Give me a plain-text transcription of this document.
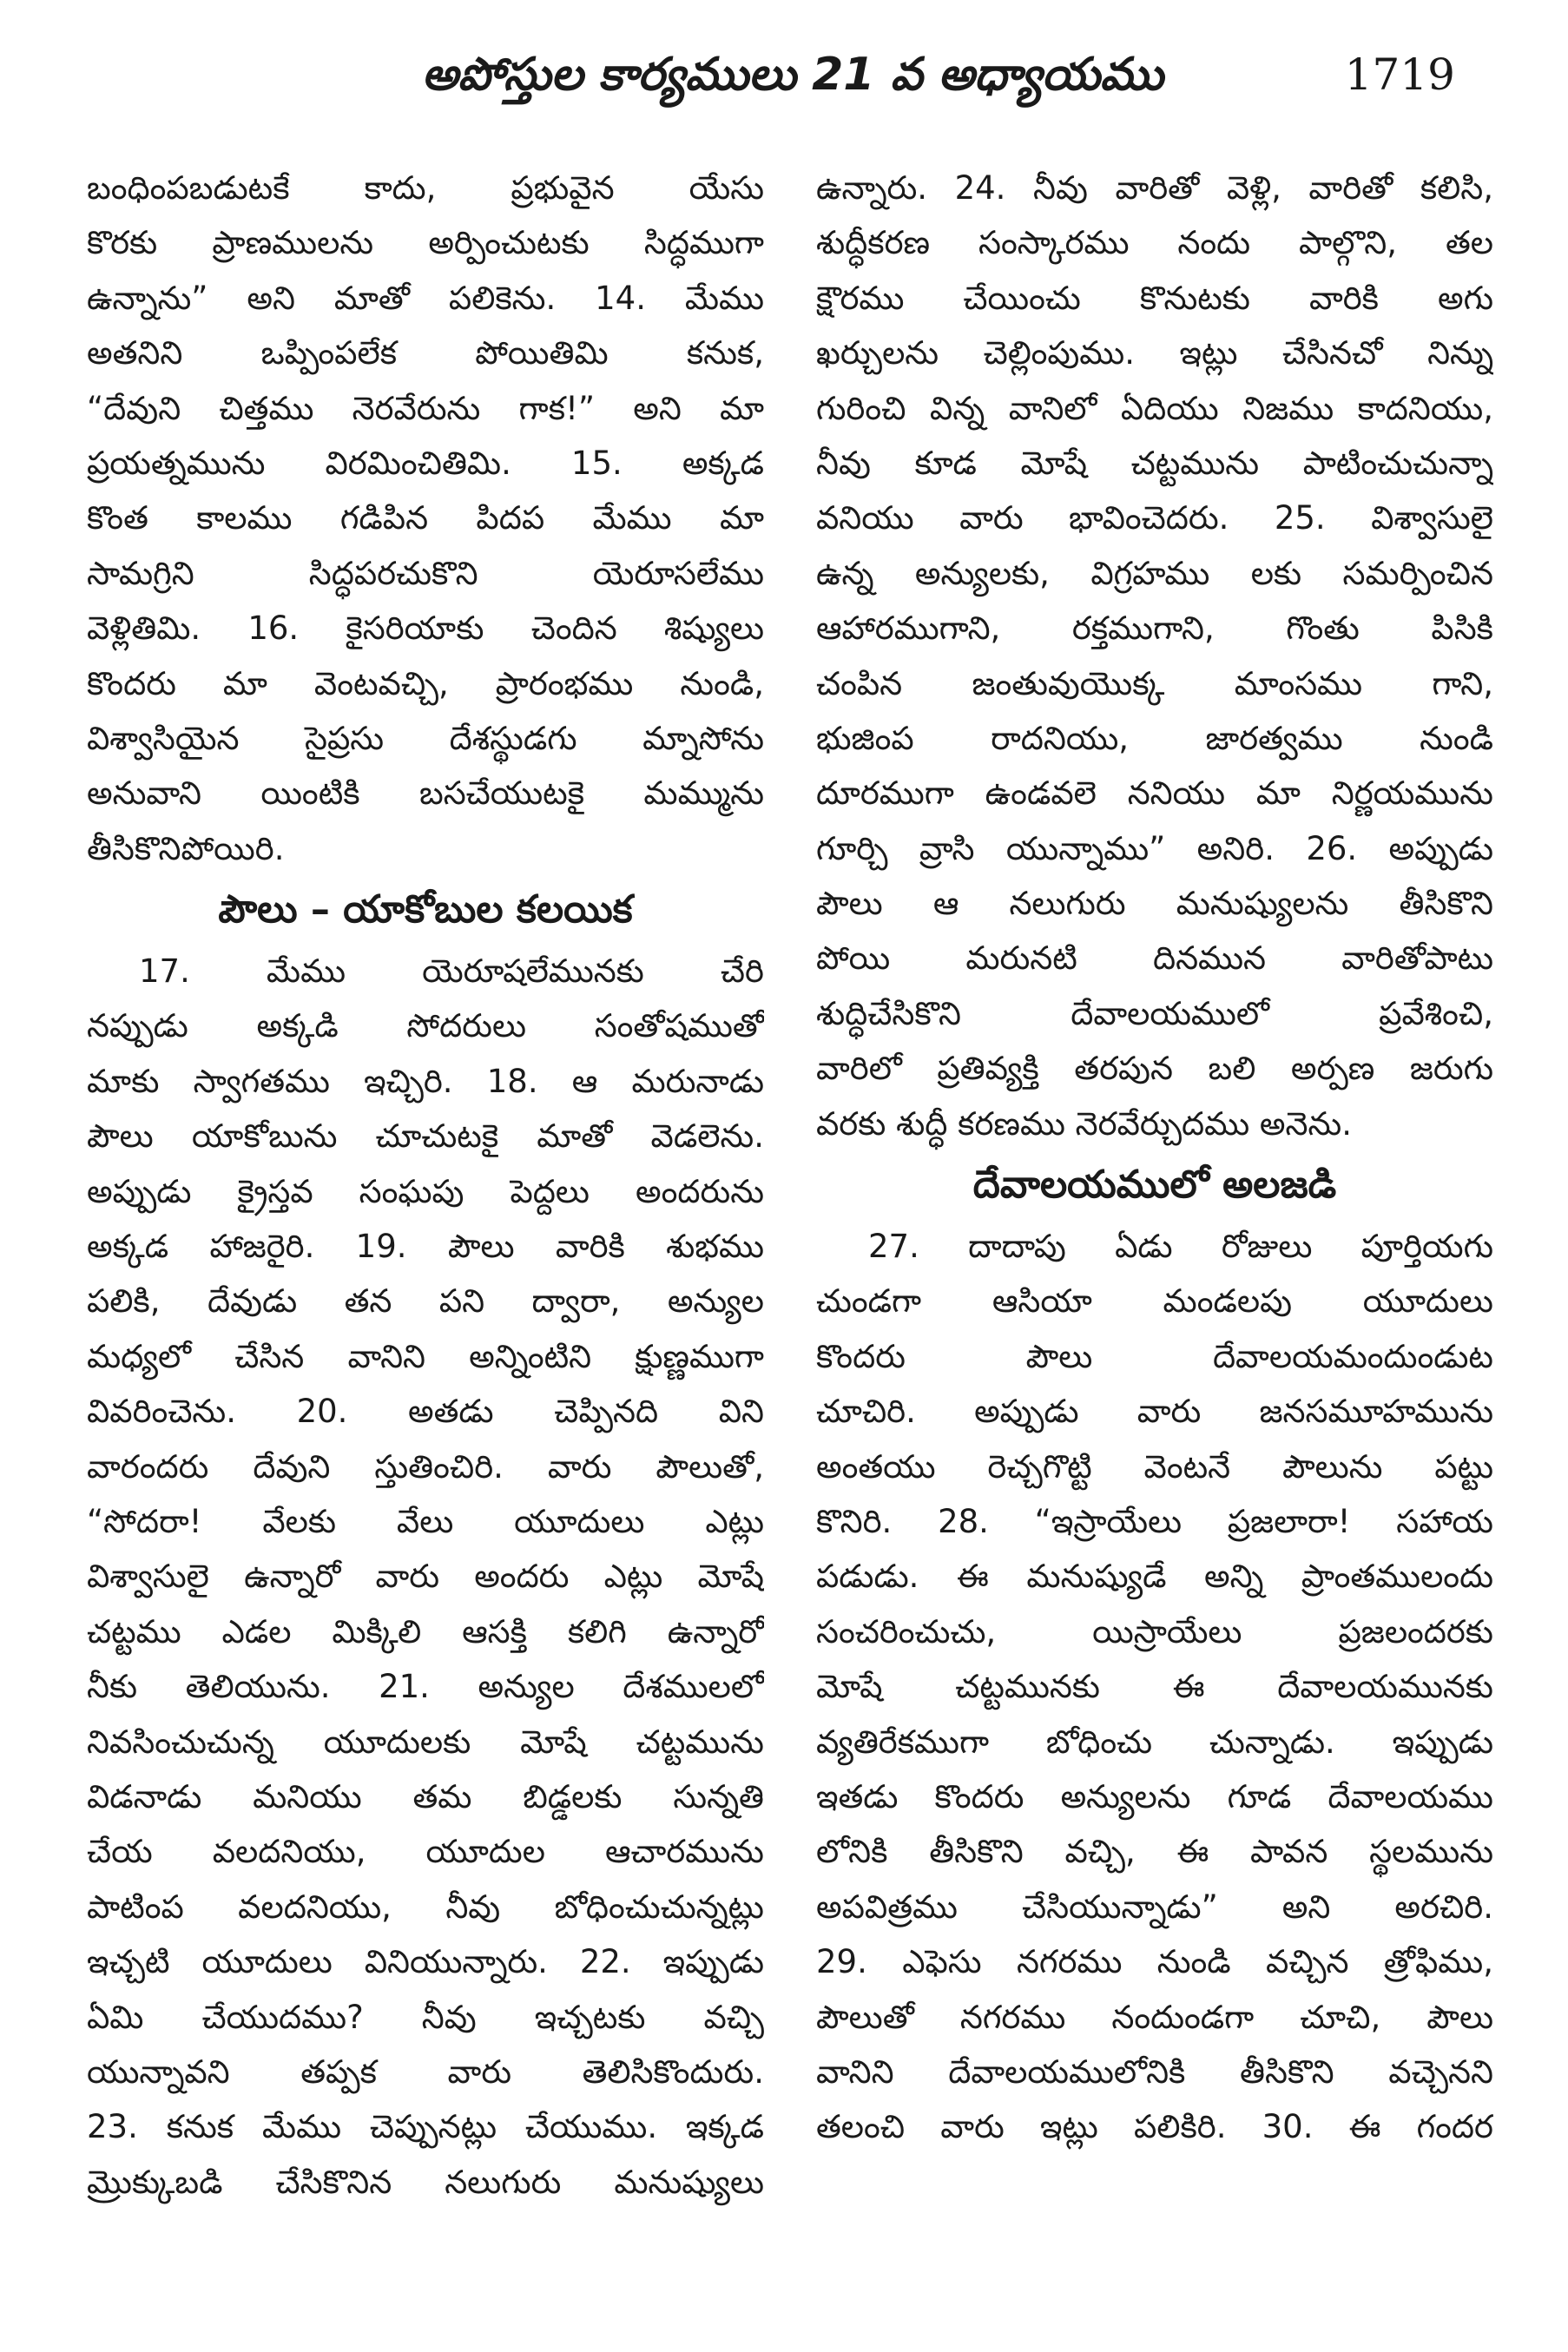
అపోస్తుల కార్యములు 21 వ అధ్యాయము	1719
బంధింపబడుటకే కాదు, ప్రభువైన యేసు
కొరకు ప్రాణములను అర్పించుటకు సిద్ధముగా
ఉన్నాను” అని మాతో పలికెను. 14. మేము
అతనిని ఒప్పింపలేక పోయితిమి కనుక,
“దేవుని చిత్తము నెరవేరును గాక!” అని మా
ప్రయత్నమును విరమించితిమి. 15. అక్కడ
కొంత కాలము గడిపిన పిదప మేము మా
సామగ్రిని సిద్ధపరచుకొని యెరూసలేము
వెళ్లితిమి. 16. కైసరియాకు చెందిన శిష్యులు
కొందరు మా వెంటవచ్చి, ప్రారంభము నుండి,
విశ్వాసియైన సైప్రసు దేశస్థుడగు మ్నాసోను
అనువాని యింటికి బసచేయుటకై మమ్మును
తీసికొనిపోయిరి.
పౌలు – యాకోబుల కలయిక
17. మేము యెరూషలేమునకు చేరి
నప్పుడు అక్కడి సోదరులు సంతోషముతో
మాకు స్వాగతము ఇచ్చిరి. 18. ఆ మరునాడు
పౌలు యాకోబును చూచుటకై మాతో వెడలెను.
అప్పుడు క్రైస్తవ సంఘపు పెద్దలు అందరును
అక్కడ హాజరైరి. 19. పౌలు వారికి శుభము
పలికి, దేవుడు తన పని ద్వారా, అన్యుల
మధ్యలో చేసిన వానిని అన్నింటిని క్షుణ్ణముగా
వివరించెను. 20. అతడు చెప్పినది విని
వారందరు దేవుని స్తుతించిరి. వారు పౌలుతో,
“సోదరా! వేలకు వేలు యూదులు ఎట్లు
విశ్వాసులై ఉన్నారో వారు అందరు ఎట్లు మోషే
చట్టము ఎడల మిక్కిలి ఆసక్తి కలిగి ఉన్నారో
నీకు తెలియును. 21. అన్యుల దేశములలో
నివసించుచున్న యూదులకు మోషే చట్టమును
విడనాడు మనియు తమ బిడ్డలకు సున్నతి
చేయ వలదనియు, యూదుల ఆచారమును
పాటింప వలదనియు, నీవు బోధించుచున్నట్లు
ఇచ్చటి యూదులు వినియున్నారు. 22. ఇప్పుడు
ఏమి చేయుదము? నీవు ఇచ్చటకు వచ్చి
యున్నావని తప్పక వారు తెలిసికొందురు.
23. కనుక మేము చెప్పునట్లు చేయుము. ఇక్కడ
మ్రొక్కుబడి చేసికొనిన నలుగురు మనుష్యులు
ఉన్నారు. 24. నీవు వారితో వెళ్లి, వారితో కలిసి,
శుద్ధీకరణ సంస్కారము నందు పాల్గొని, తల
క్షౌరము చేయించు కొనుటకు వారికి అగు
ఖర్చులను చెల్లింపుము. ఇట్లు చేసినచో నిన్ను
గురించి విన్న వానిలో ఏదియు నిజము కాదనియు,
నీవు కూడ మోషే చట్టమును పాటించుచున్నా
వనియు వారు భావించెదరు. 25. విశ్వాసులై
ఉన్న అన్యులకు, విగ్రహము లకు సమర్పించిన
ఆహారముగాని, రక్తముగాని, గొంతు పిసికి
చంపిన జంతువుయొక్క మాంసము గాని,
భుజింప రాదనియు, జారత్వము నుండి
దూరముగా ఉండవలె ననియు మా నిర్ణయమును
గూర్చి వ్రాసి యున్నాము” అనిరి. 26. అప్పుడు
పౌలు ఆ నలుగురు మనుష్యులను తీసికొని
పోయి మరునటి దినమున వారితోపాటు
శుద్ధిచేసికొని దేవాలయములో ప్రవేశించి,
వారిలో ప్రతివ్యక్తి తరపున బలి అర్పణ జరుగు
వరకు శుద్ధీ కరణము నెరవేర్చుదము అనెను.
దేవాలయములో అలజడి
27. దాదాపు ఏడు రోజులు పూర్తియగు
చుండగా ఆసియా మండలపు యూదులు
కొందరు పౌలు దేవాలయమందుండుట
చూచిరి. అప్పుడు వారు జనసమూహమును
అంతయు రెచ్చగొట్టి వెంటనే పౌలును పట్టు
కొనిరి. 28. “ఇస్రాయేలు ప్రజలారా! సహాయ
పడుడు. ఈ మనుష్యుడే అన్ని ప్రాంతములందు
సంచరించుచు, యిస్రాయేలు ప్రజలందరకు
మోషే చట్టమునకు ఈ దేవాలయమునకు
వ్యతిరేకముగా బోధించు చున్నాడు. ఇప్పుడు
ఇతడు కొందరు అన్యులను గూడ దేవాలయము
లోనికి తీసికొని వచ్చి, ఈ పావన స్థలమును
అపవిత్రము చేసియున్నాడు” అని అరచిరి.
29. ఎఫెసు నగరము నుండి వచ్చిన త్రోఫిము,
పౌలుతో నగరము నందుండగా చూచి, పౌలు
వానిని దేవాలయములోనికి తీసికొని వచ్చెనని
తలంచి వారు ఇట్లు పలికిరి. 30. ఈ గందర
